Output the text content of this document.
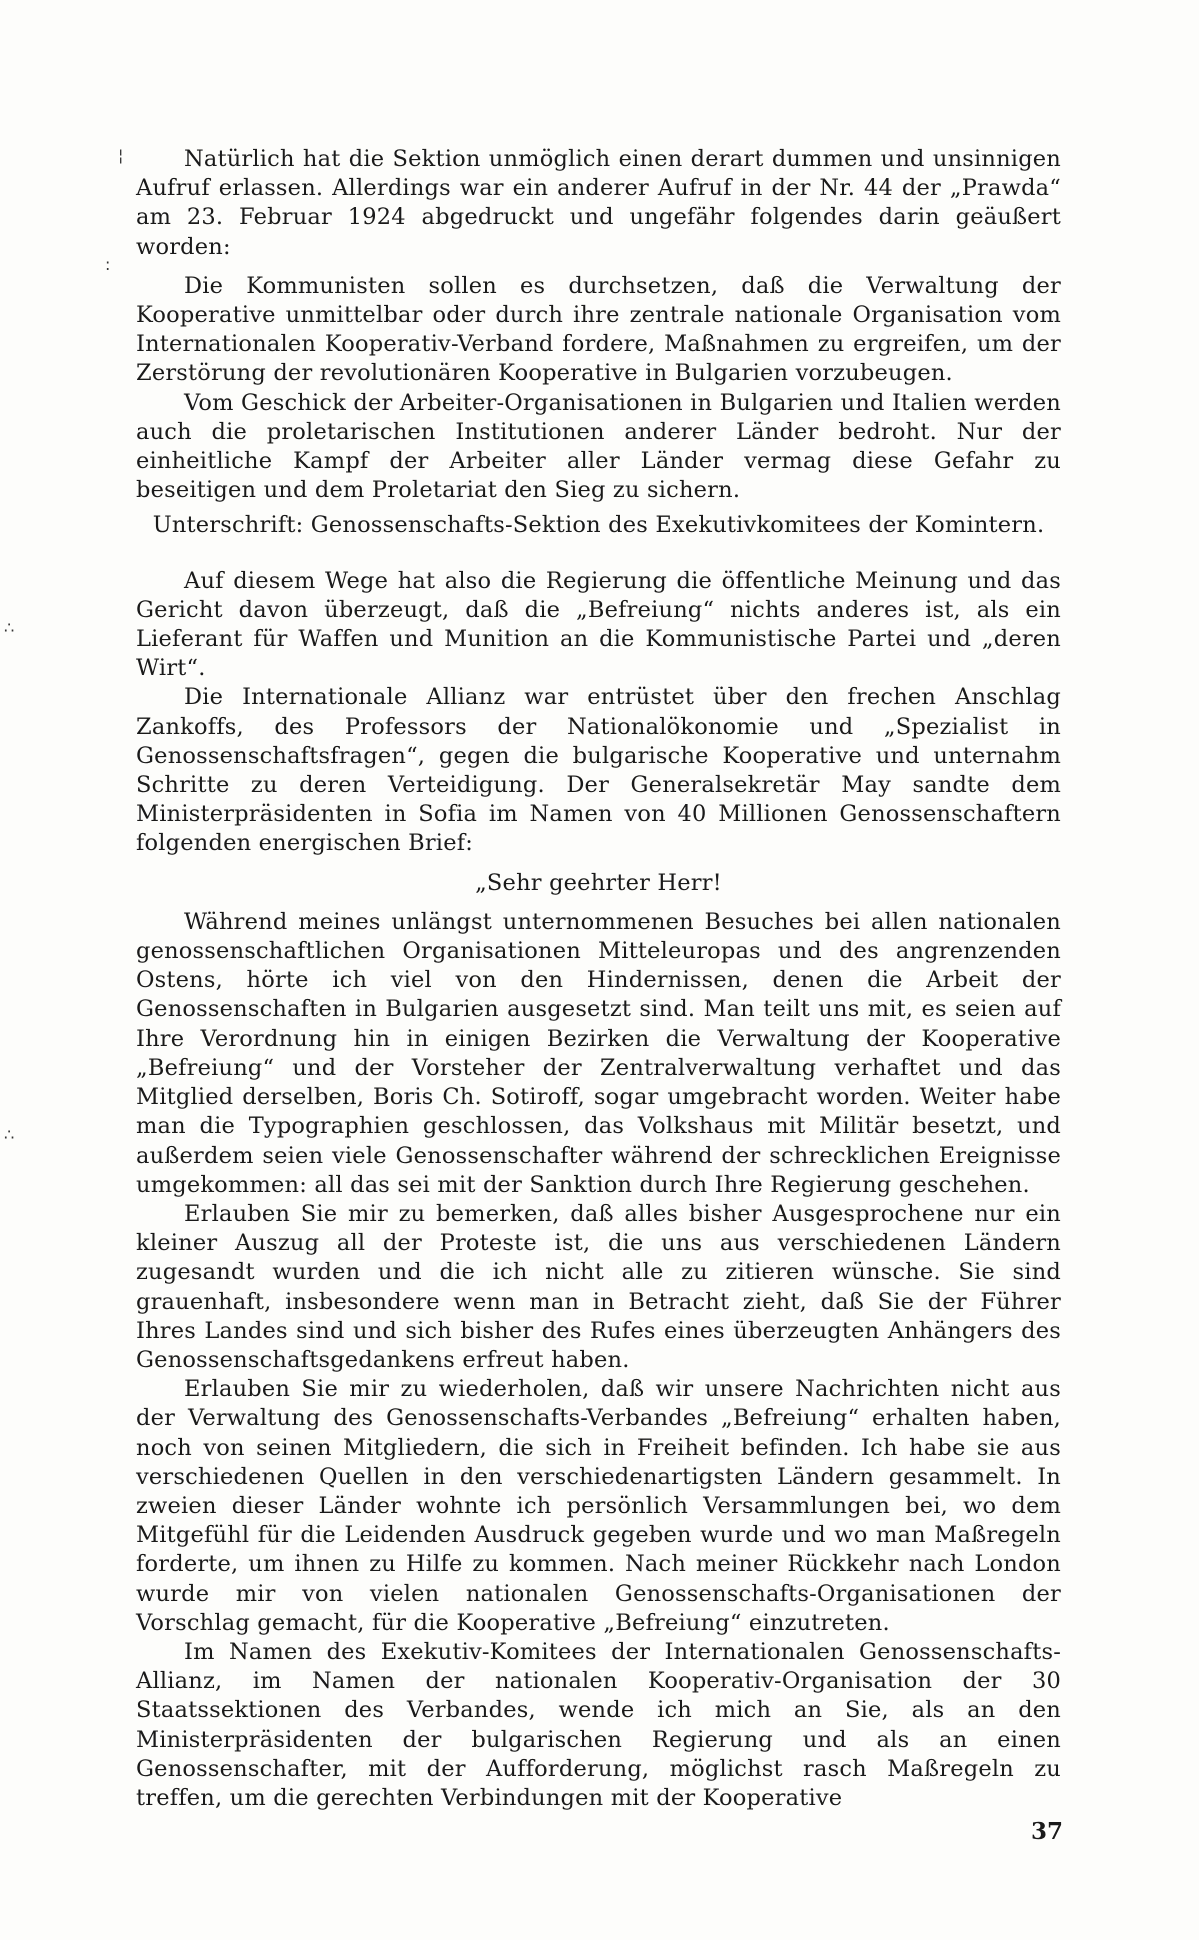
¦
:
∴
∴

Natürlich hat die Sektion unmöglich einen derart dummen und unsinnigen Aufruf erlassen. Allerdings war ein anderer Aufruf in der Nr. 44 der „Prawda“ am 23. Februar 1924 abgedruckt und ungefähr folgendes darin geäußert worden:

Die Kommunisten sollen es durchsetzen, daß die Verwaltung der Kooperative unmittelbar oder durch ihre zentrale nationale Organisation vom Internationalen Kooperativ-Verband fordere, Maßnahmen zu ergreifen, um der Zerstörung der revolutionären Kooperative in Bulgarien vorzubeugen.

Vom Geschick der Arbeiter-Organisationen in Bulgarien und Italien werden auch die proletarischen Institutionen anderer Länder bedroht. Nur der einheitliche Kampf der Arbeiter aller Länder vermag diese Gefahr zu beseitigen und dem Proletariat den Sieg zu sichern.

Unterschrift: Genossenschafts-Sektion des Exekutivkomitees der Komintern.

Auf diesem Wege hat also die Regierung die öffentliche Meinung und das Gericht davon überzeugt, daß die „Befreiung“ nichts anderes ist, als ein Lieferant für Waffen und Munition an die Kommunistische Partei und „deren Wirt“.

Die Internationale Allianz war entrüstet über den frechen Anschlag Zankoffs, des Professors der Nationalökonomie und „Spezialist in Genossenschaftsfragen“, gegen die bulgarische Kooperative und unternahm Schritte zu deren Verteidigung. Der Generalsekretär May sandte dem Ministerpräsidenten in Sofia im Namen von 40 Millionen Genossenschaftern folgenden energischen Brief:

„Sehr geehrter Herr!

Während meines unlängst unternommenen Besuches bei allen nationalen genossenschaftlichen Organisationen Mitteleuropas und des angrenzenden Ostens, hörte ich viel von den Hindernissen, denen die Arbeit der Genossenschaften in Bulgarien ausgesetzt sind. Man teilt uns mit, es seien auf Ihre Verordnung hin in einigen Bezirken die Verwaltung der Kooperative „Befreiung“ und der Vorsteher der Zentralverwaltung verhaftet und das Mitglied derselben, Boris Ch. Sotiroff, sogar umgebracht worden. Weiter habe man die Typographien geschlossen, das Volkshaus mit Militär besetzt, und außerdem seien viele Genossenschafter während der schrecklichen Ereignisse umgekommen: all das sei mit der Sanktion durch Ihre Regierung geschehen.

Erlauben Sie mir zu bemerken, daß alles bisher Ausgesprochene nur ein kleiner Auszug all der Proteste ist, die uns aus verschiedenen Ländern zugesandt wurden und die ich nicht alle zu zitieren wünsche. Sie sind grauenhaft, insbesondere wenn man in Betracht zieht, daß Sie der Führer Ihres Landes sind und sich bisher des Rufes eines überzeugten Anhängers des Genossenschaftsgedankens erfreut haben.

Erlauben Sie mir zu wiederholen, daß wir unsere Nachrichten nicht aus der Verwaltung des Genossenschafts-Verbandes „Befreiung“ erhalten haben, noch von seinen Mitgliedern, die sich in Freiheit befinden. Ich habe sie aus verschiedenen Quellen in den verschiedenartigsten Ländern gesammelt. In zweien dieser Länder wohnte ich persönlich Versammlungen bei, wo dem Mitgefühl für die Leidenden Ausdruck gegeben wurde und wo man Maßregeln forderte, um ihnen zu Hilfe zu kommen. Nach meiner Rückkehr nach London wurde mir von vielen nationalen Genossenschafts-Organisationen der Vorschlag gemacht, für die Kooperative „Befreiung“ einzutreten.

Im Namen des Exekutiv-Komitees der Internationalen Genossenschafts-Allianz, im Namen der nationalen Kooperativ-Organisation der 30 Staatssektionen des Verbandes, wende ich mich an Sie, als an den Ministerpräsidenten der bulgarischen Regierung und als an einen Genossenschafter, mit der Aufforderung, möglichst rasch Maßregeln zu treffen, um die gerechten Verbindungen mit der Kooperative

37
